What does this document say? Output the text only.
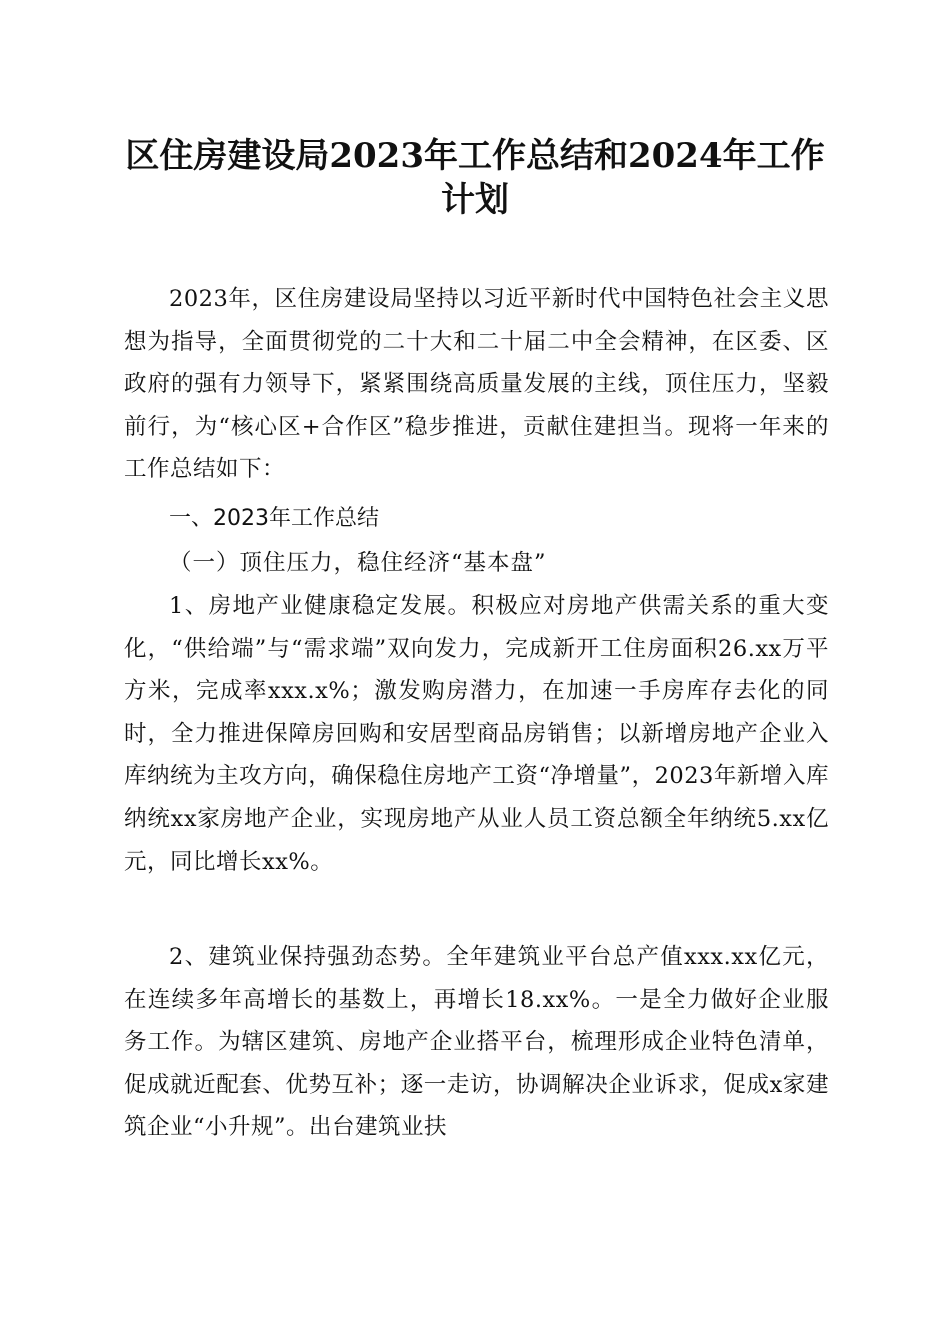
区住房建设局2023年工作总结和2024年工作
计划

2023年，区住房建设局坚持以习近平新时代中国特色社会主义思想为指导，全面贯彻党的二十大和二十届二中全会精神，在区委、区政府的强有力领导下，紧紧围绕高质量发展的主线，顶住压力，坚毅前行，为“核心区+合作区”稳步推进，贡献住建担当。现将一年来的工作总结如下：

一、2023年工作总结

（一）顶住压力，稳住经济“基本盘”

1、房地产业健康稳定发展。积极应对房地产供需关系的重大变化，“供给端”与“需求端”双向发力，完成新开工住房面积26.xx万平方米，完成率xxx.x%；激发购房潜力，在加速一手房库存去化的同时，全力推进保障房回购和安居型商品房销售；以新增房地产企业入库纳统为主攻方向，确保稳住房地产工资“净增量”，2023年新增入库纳统xx家房地产企业，实现房地产从业人员工资总额全年纳统5.xx亿元，同比增长xx%。

2、建筑业保持强劲态势。全年建筑业平台总产值xxx.xx亿元，在连续多年高增长的基数上，再增长18.xx%。一是全力做好企业服务工作。为辖区建筑、房地产企业搭平台，梳理形成企业特色清单，促成就近配套、优势互补；逐一走访，协调解决企业诉求，促成x家建筑企业“小升规”。出台建筑业扶
